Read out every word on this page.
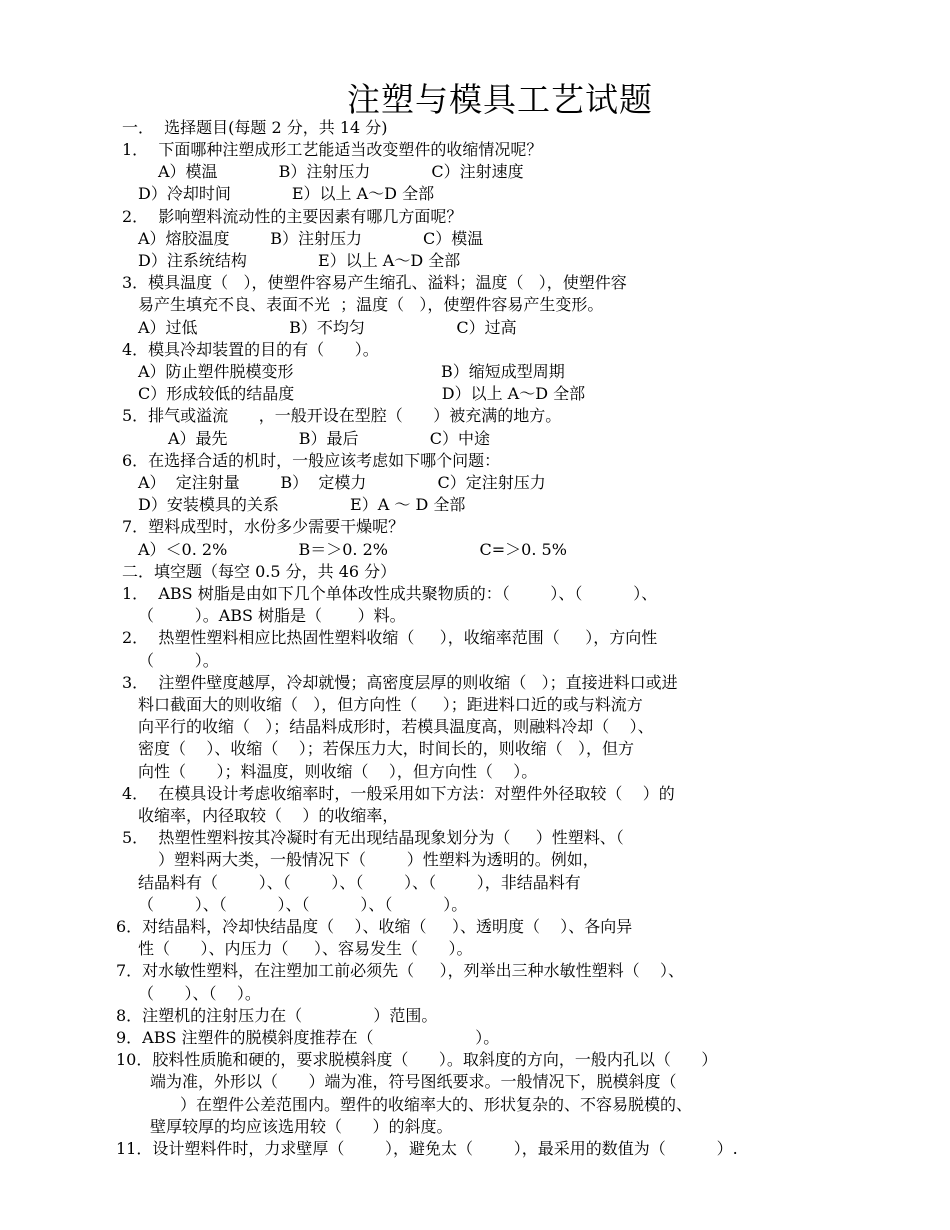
注塑与模具工艺试题
一．  选择题目(每题 2 分，共 14 分)
1．  下面哪种注塑成形工艺能适当改变塑件的收缩情况呢？
A）模温            B）注射压力            C）注射速度
D）冷却时间            E）以上 A～D 全部
2．  影响塑料流动性的主要因素有哪几方面呢？
A）熔胶温度        B）注射压力            C）模温
D）注系统结构              E）以上 A～D 全部
3．模具温度（   ），使塑件容易产生缩孔、溢料；温度（   ），使塑件容
易产生填充不良、表面不光  ；温度（   ），使塑件容易产生变形。
A）过低                  B）不均匀                  C）过高
4．模具冷却装置的目的有（      ）。
A）防止塑件脱模变形                             B）缩短成型周期
C）形成较低的结晶度                             D）以上 A～D 全部
5．排气或溢流      ，一般开设在型腔（      ）被充满的地方。
A）最先              B）最后              C）中途
6．在选择合适的机时，一般应该考虑如下哪个问题：
A）  定注射量        B）  定模力              C）定注射压力
D）安装模具的关系              E）A ～ D 全部
7．塑料成型时，水份多少需要干燥呢？
A）＜0. 2%              B＝＞0. 2%                  C=＞0. 5%
二．填空题（每空 0.5 分，共 46 分）
1．  ABS 树脂是由如下几个单体改性成共聚物质的：（        ）、（          ）、
（        ）。ABS 树脂是（       ）料。
2．  热塑性塑料相应比热固性塑料收缩（     ），收缩率范围（     ），方向性
（        ）。
3．  注塑件壁度越厚，冷却就慢；高密度层厚的则收缩（   ）；直接进料口或进
料口截面大的则收缩（   ），但方向性（     ）；距进料口近的或与料流方
向平行的收缩（   ）；结晶料成形时，若模具温度高，则融料冷却（    ）、
密度（    ）、收缩（    ）；若保压力大，时间长的，则收缩（   ），但方
向性（      ）；料温度，则收缩（    ），但方向性（    ）。
4．  在模具设计考虑收缩率时，一般采用如下方法：对塑件外径取较（    ）的
收缩率，内径取较（    ）的收缩率，
5．  热塑性塑料按其冷凝时有无出现结晶现象划分为（     ）性塑料、（
）塑料两大类，一般情况下（        ）性塑料为透明的。例如，
结晶料有（        ）、（        ）、（        ）、（        ），非结晶料有
（        ）、（          ）、（          ）、（          ）。
6．对结晶料，冷却快结晶度（    ）、收缩（     ）、透明度（    ）、各向异
性（      ）、内压力（     ）、容易发生（      ）。
7．对水敏性塑料，在注塑加工前必须先（     ），列举出三种水敏性塑料（    ）、
（      ）、（    ）。
8．注塑机的注射压力在（              ）范围。
9．ABS 注塑件的脱模斜度推荐在（                    ）。
10．胶料性质脆和硬的，要求脱模斜度（      ）。取斜度的方向，一般内孔以（      ）
端为准，外形以（      ）端为准，符号图纸要求。一般情况下，脱模斜度（
）在塑件公差范围内。塑件的收缩率大的、形状复杂的、不容易脱模的、
壁厚较厚的均应该选用较（      ）的斜度。
11．设计塑料件时，力求壁厚（        ），避免太（        ），最采用的数值为（          ）.
